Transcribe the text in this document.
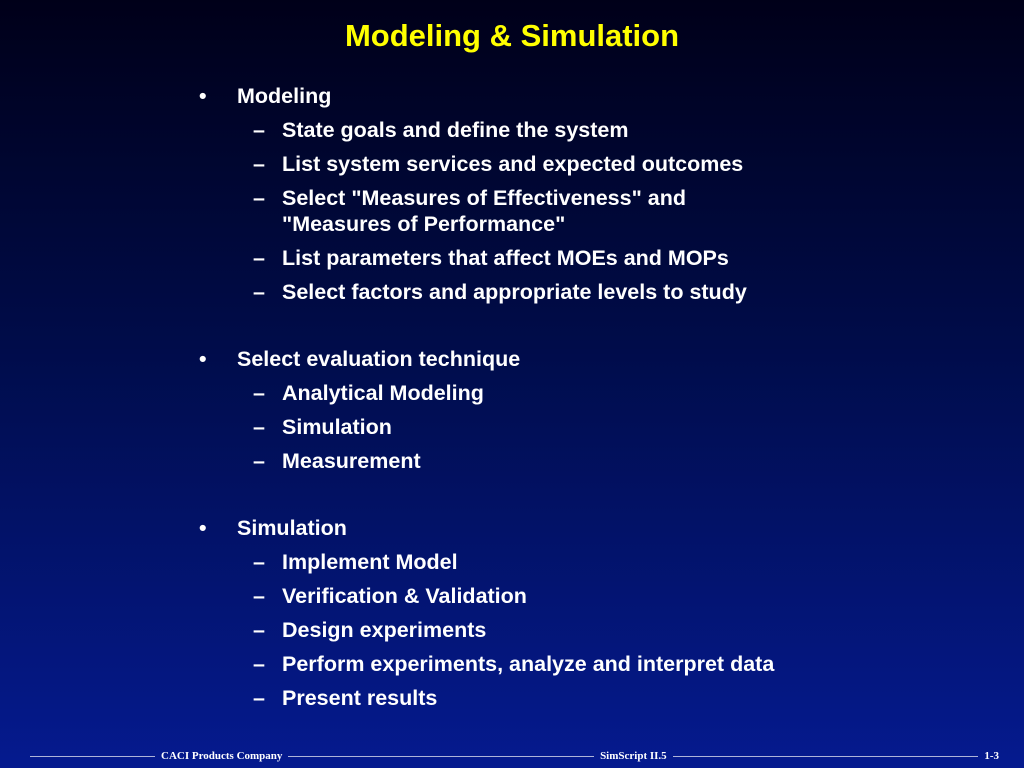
Modeling & Simulation
•	Modeling
– State goals and define the system
– List system services and expected outcomes
– Select "Measures of Effectiveness" and "Measures of Performance"
– List parameters that affect MOEs and MOPs
– Select factors and appropriate levels to study
•	Select evaluation technique
– Analytical Modeling
– Simulation
– Measurement
•	Simulation
– Implement Model
– Verification & Validation
– Design experiments
– Perform experiments, analyze and interpret data
– Present results
CACI Products Company	SimScript II.5	1-3
